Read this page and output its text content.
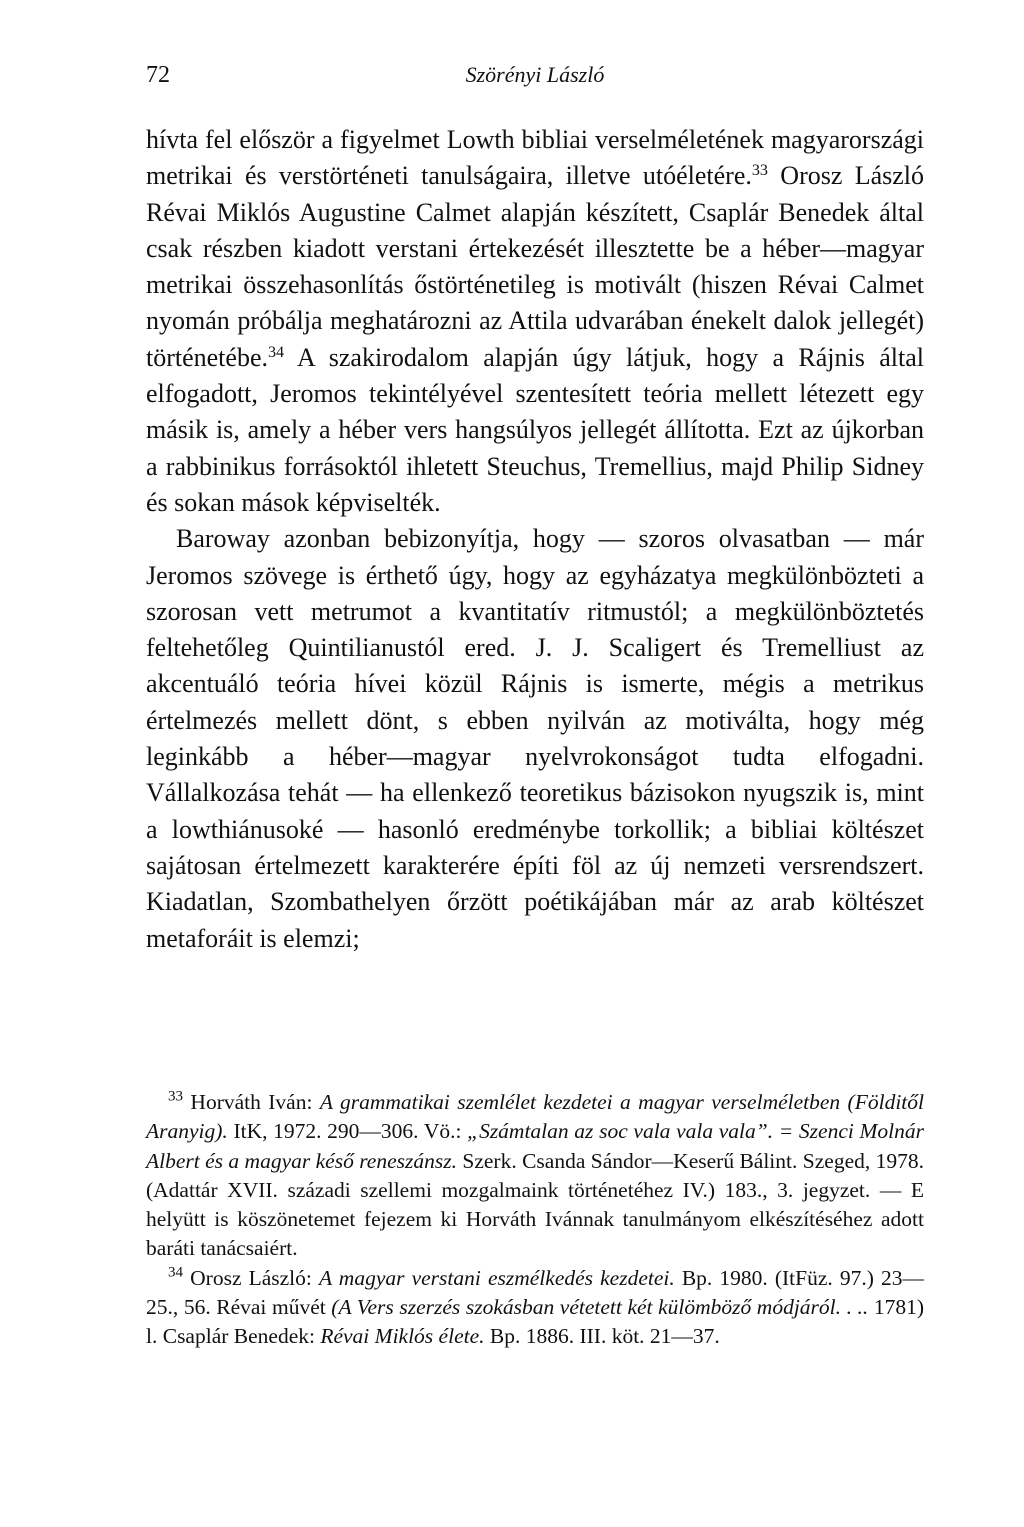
72	Szörényi László

hívta fel először a figyelmet Lowth bibliai verselméletének magyarországi metrikai és verstörténeti tanulságaira, illetve utóéletére.$^{33}$ Orosz László Révai Miklós Augustine Calmet alapján készített, Csaplár Benedek által csak részben kiadott verstani értekezését illesztette be a héber—magyar metrikai összehasonlítás őstörténetileg is motivált (hiszen Révai Calmet nyomán próbálja meghatározni az Attila udvarában énekelt dalok jellegét) történetébe.$^{34}$ A szakirodalom alapján úgy látjuk, hogy a Rájnis által elfogadott, Jeromos tekintélyével szentesített teória mellett létezett egy másik is, amely a héber vers hangsúlyos jellegét állította. Ezt az újkorban a rabbinikus forrásoktól ihletett Steuchus, Tremellius, majd Philip Sidney és sokan mások képviselték.

Baroway azonban bebizonyítja, hogy — szoros olvasatban — már Jeromos szövege is érthető úgy, hogy az egyházatya megkülönbözteti a szorosan vett metrumot a kvantitatív ritmustól; a megkülönböztetés feltehetőleg Quintilianustól ered. J. J. Scaligert és Tremelliust az akcentuáló teória hívei közül Rájnis is ismerte, mégis a metrikus értelmezés mellett dönt, s ebben nyilván az motiválta, hogy még leginkább a héber—magyar nyelvrokonságot tudta elfogadni. Vállalkozása tehát — ha ellenkező teoretikus bázisokon nyugszik is, mint a lowthiánusoké — hasonló eredménybe torkollik; a bibliai költészet sajátosan értelmezett karakterére építi föl az új nemzeti versrendszert. Kiadatlan, Szombathelyen őrzött poétikájában már az arab költészet metaforáit is elemzi;

$^{33}$ Horváth Iván: A grammatikai szemlélet kezdetei a magyar verselméletben (Földitől Aranyig). ItK, 1972. 290—306. Vö.: „Számtalan az soc vala vala vala”. = Szenci Molnár Albert és a magyar késő reneszánsz. Szerk. Csanda Sándor—Keserű Bálint. Szeged, 1978. (Adattár XVII. századi szellemi mozgalmaink történetéhez IV.) 183., 3. jegyzet. — E helyütt is köszönetemet fejezem ki Horváth Ivánnak tanulmányom elkészítéséhez adott baráti tanácsaiért.

$^{34}$ Orosz László: A magyar verstani eszmélkedés kezdetei. Bp. 1980. (ItFüz. 97.) 23—25., 56. Révai művét (A Vers szerzés szokásban vétetett két külömböző módjáról. . .. 1781) l. Csaplár Benedek: Révai Miklós élete. Bp. 1886. III. köt. 21—37.
